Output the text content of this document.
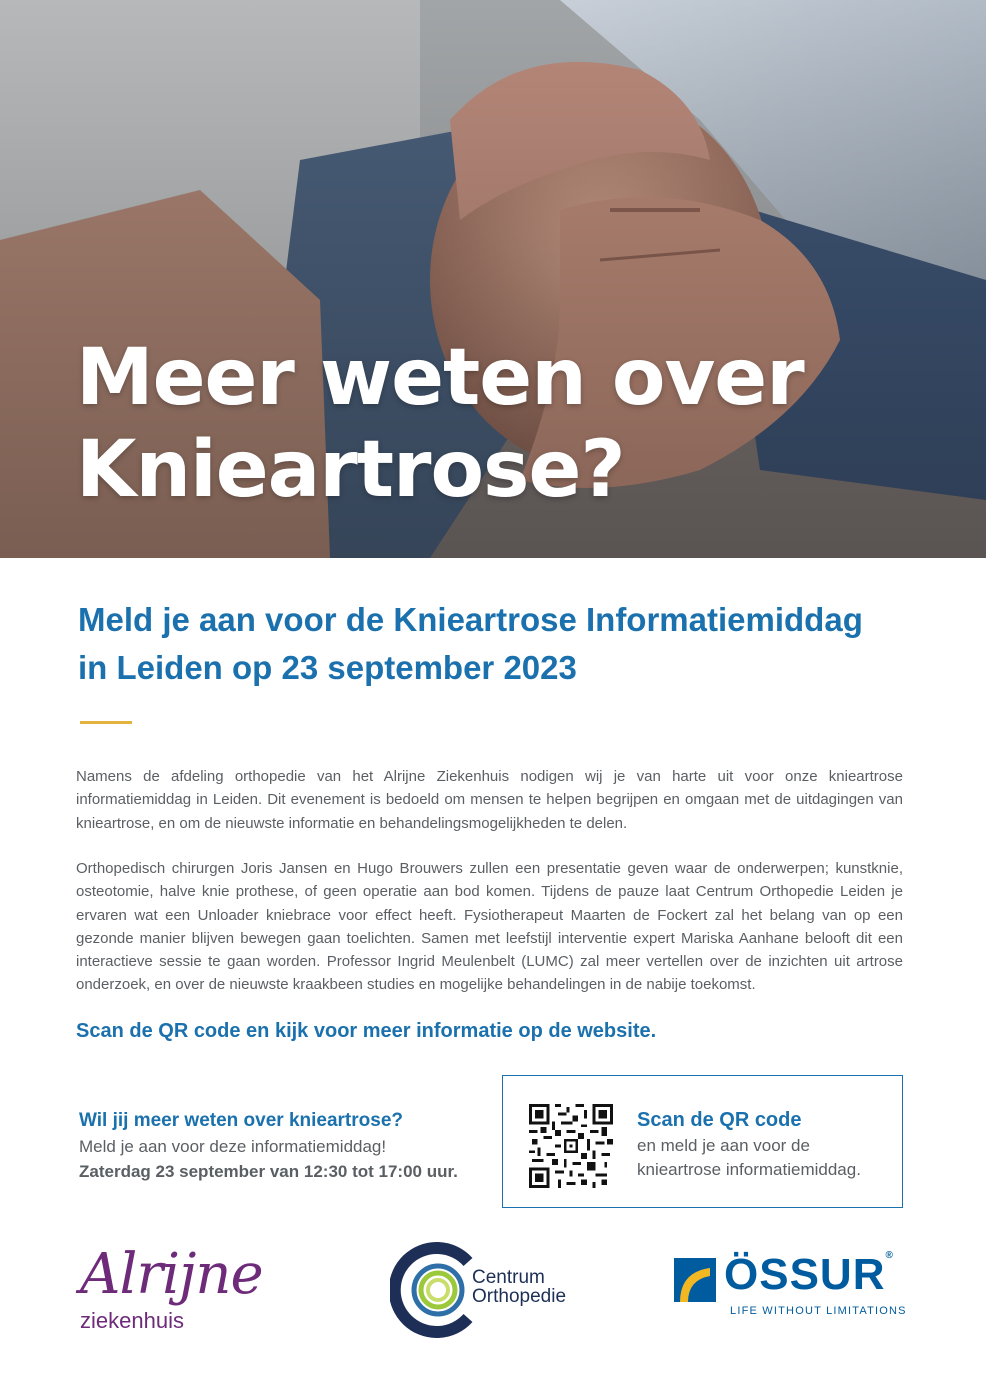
Meer weten over
Knieartrose?
Meld je aan voor de Knieartrose Informatiemiddag
in Leiden op 23 september 2023

Namens de afdeling orthopedie van het Alrijne Ziekenhuis nodigen wij je van harte uit voor onze knieartrose informatiemiddag in Leiden. Dit evenement is bedoeld om mensen te helpen begrijpen en omgaan met de uitdagingen van knieartrose, en om de nieuwste informatie en behandelingsmogelijkheden te delen.

Orthopedisch chirurgen Joris Jansen en Hugo Brouwers zullen een presentatie geven waar de onderwerpen; kunstknie, osteotomie, halve knie prothese, of geen operatie aan bod komen. Tijdens de pauze laat Centrum Orthopedie Leiden je ervaren wat een Unloader kniebrace voor effect heeft. Fysiotherapeut Maarten de Fockert zal het belang van op een gezonde manier blijven bewegen gaan toelichten. Samen met leefstijl interventie expert Mariska Aanhane belooft dit een interactieve sessie te gaan worden. Professor Ingrid Meulenbelt (LUMC) zal meer vertellen over de inzichten uit artrose onderzoek, en over de nieuwste kraakbeen studies en mogelijke behandelingen in de nabije toekomst.

Scan de QR code en kijk voor meer informatie op de website.

Wil jij meer weten over knieartrose?
Meld je aan voor deze informatiemiddag!
Zaterdag 23 september van 12:30 tot 17:00 uur.
Scan de QR code
en meld je aan voor de
knieartrose informatiemiddag.
Alrijne
ziekenhuis
Centrum
Orthopedie	ÖSSUR®
LIFE WITHOUT LIMITATIONS
